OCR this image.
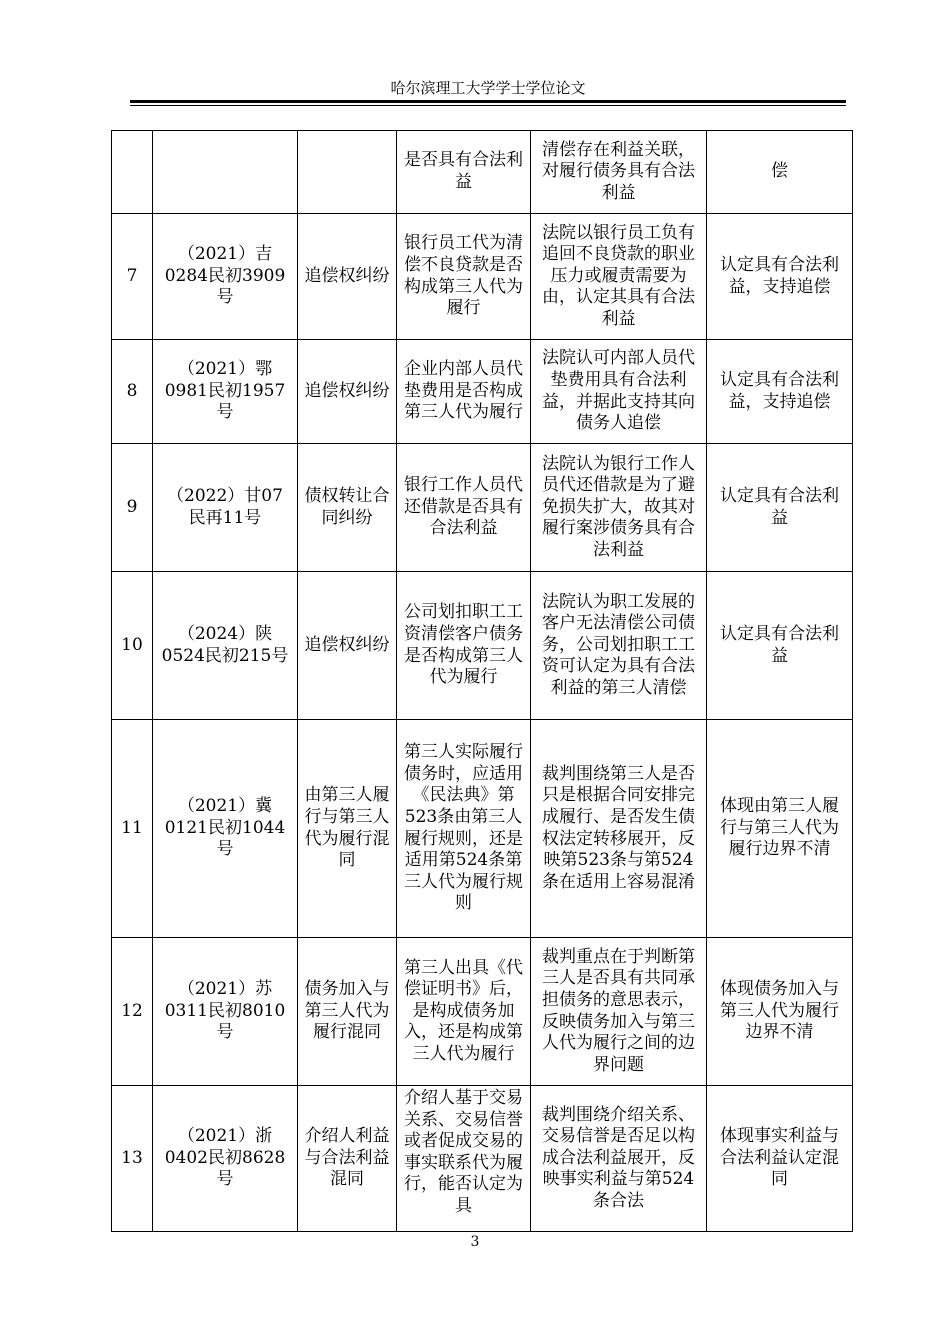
哈尔滨理工大学学士学位论文
			是否具有合法利益	清偿存在利益关联，对履行债务具有合法利益	偿
7	（2021）吉0284民初3909号	追偿权纠纷	银行员工代为清偿不良贷款是否构成第三人代为履行	法院以银行员工负有追回不良贷款的职业压力或履责需要为由，认定其具有合法利益	认定具有合法利益，支持追偿
8	（2021）鄂0981民初1957号	追偿权纠纷	企业内部人员代垫费用是否构成第三人代为履行	法院认可内部人员代垫费用具有合法利益，并据此支持其向债务人追偿	认定具有合法利益，支持追偿
9	（2022）甘07民再11号	债权转让合同纠纷	银行工作人员代还借款是否具有合法利益	法院认为银行工作人员代还借款是为了避免损失扩大，故其对履行案涉债务具有合法利益	认定具有合法利益
10	（2024）陕0524民初215号	追偿权纠纷	公司划扣职工工资清偿客户债务是否构成第三人代为履行	法院认为职工发展的客户无法清偿公司债务，公司划扣职工工资可认定为具有合法利益的第三人清偿	认定具有合法利益
11	（2021）冀0121民初1044号	由第三人履行与第三人代为履行混同	第三人实际履行债务时，应适用《民法典》第523条由第三人履行规则，还是适用第524条第三人代为履行规则	裁判围绕第三人是否只是根据合同安排完成履行、是否发生债权法定转移展开，反映第523条与第524条在适用上容易混淆	体现由第三人履行与第三人代为履行边界不清
12	（2021）苏0311民初8010号	债务加入与第三人代为履行混同	第三人出具《代偿证明书》后，是构成债务加入，还是构成第三人代为履行	裁判重点在于判断第三人是否具有共同承担债务的意思表示，反映债务加入与第三人代为履行之间的边界问题	体现债务加入与第三人代为履行边界不清
13	（2021）浙0402民初8628号	介绍人利益与合法利益混同	介绍人基于交易关系、交易信誉或者促成交易的事实联系代为履行，能否认定为具	裁判围绕介绍关系、交易信誉是否足以构成合法利益展开，反映事实利益与第524条合法	体现事实利益与合法利益认定混同
3
